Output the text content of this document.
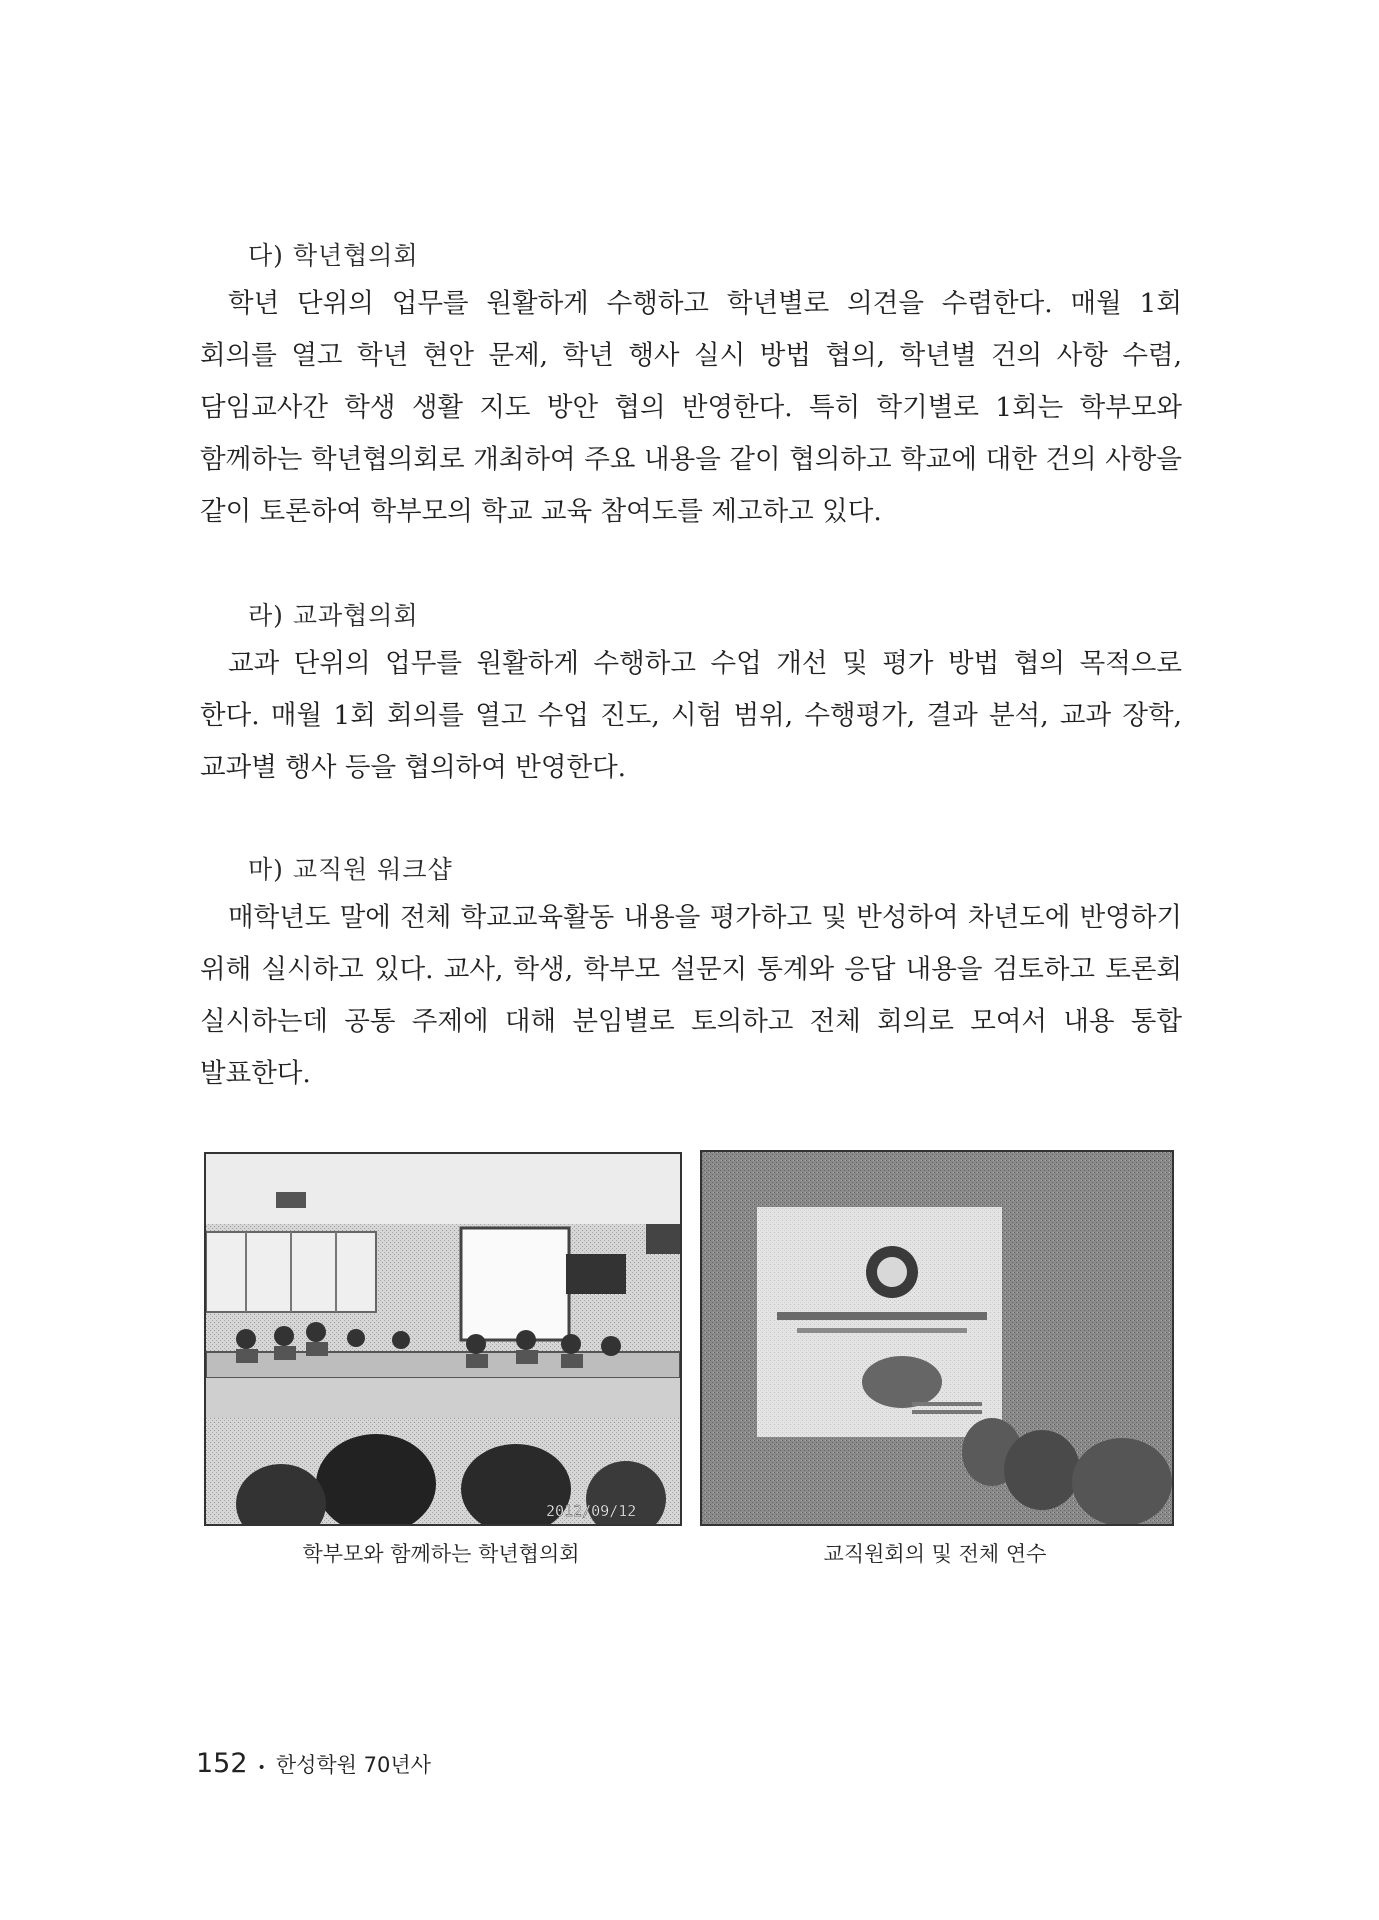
다) 학년협의회
학년 단위의 업무를 원활하게 수행하고 학년별로 의견을 수렴한다. 매월 1회 회의를 열고 학년 현안 문제, 학년 행사 실시 방법 협의, 학년별 건의 사항 수렴, 담임교사간 학생 생활 지도 방안 협의 반영한다. 특히 학기별로 1회는 학부모와 함께하는 학년협의회로 개최하여 주요 내용을 같이 협의하고 학교에 대한 건의 사항을 같이 토론하여 학부모의 학교 교육 참여도를 제고하고 있다.
라) 교과협의회
교과 단위의 업무를 원활하게 수행하고 수업 개선 및 평가 방법 협의 목적으로 한다. 매월 1회 회의를 열고 수업 진도, 시험 범위, 수행평가, 결과 분석, 교과 장학, 교과별 행사 등을 협의하여 반영한다.
마) 교직원 워크샵
매학년도 말에 전체 학교교육활동 내용을 평가하고 및 반성하여 차년도에 반영하기 위해 실시하고 있다. 교사, 학생, 학부모 설문지 통계와 응답 내용을 검토하고 토론회 실시하는데 공통 주제에 대해 분임별로 토의하고 전체 회의로 모여서 내용 통합 발표한다.
2012/09/12
학부모와 함께하는 학년협의회	교직원회의 및 전체 연수
152 • 한성학원 70년사
